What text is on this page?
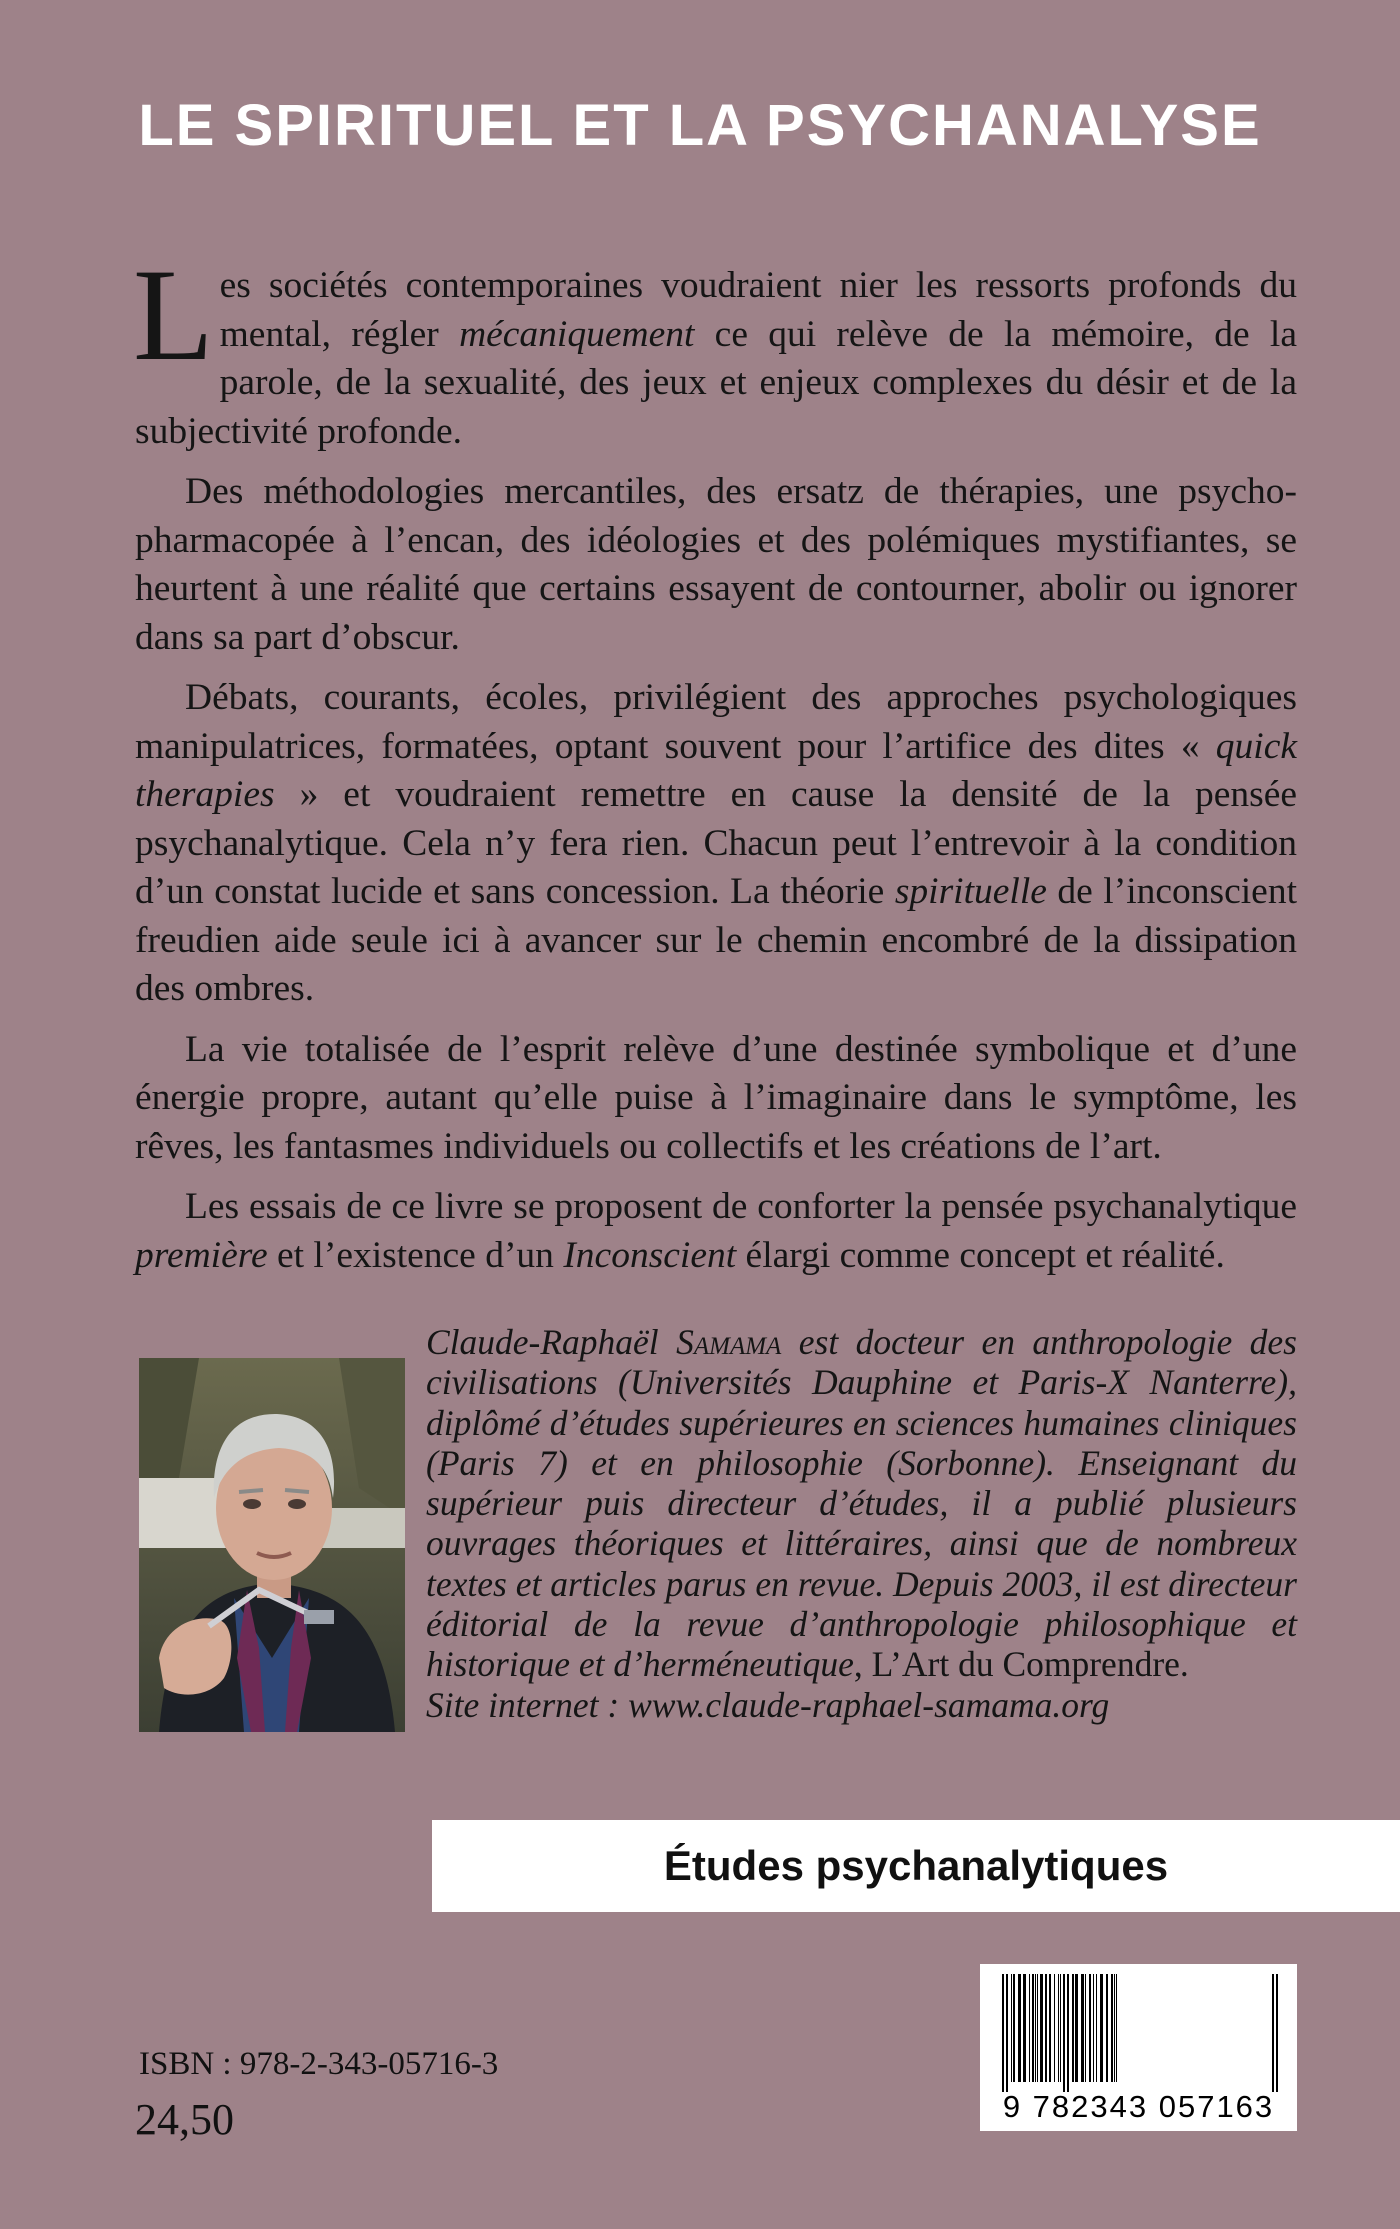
LE SPIRITUEL ET LA PSYCHANALYSE

Les sociétés contemporaines voudraient nier les ressorts profonds du mental, régler mécaniquement ce qui relève de la mémoire, de la parole, de la sexualité, des jeux et enjeux complexes du désir et de la subjectivité profonde.

Des méthodologies mercantiles, des ersatz de thérapies, une psycho-pharmacopée à l’encan, des idéologies et des polémiques mystifiantes, se heurtent à une réalité que certains essayent de contourner, abolir ou ignorer dans sa part d’obscur.

Débats, courants, écoles, privilégient des approches psychologiques manipulatrices, formatées, optant souvent pour l’artifice des dites « quick therapies » et voudraient remettre en cause la densité de la pensée psychanalytique. Cela n’y fera rien. Chacun peut l’entrevoir à la condition d’un constat lucide et sans concession. La théorie spirituelle de l’inconscient freudien aide seule ici à avancer sur le chemin encombré de la dissipation des ombres.

La vie totalisée de l’esprit relève d’une destinée symbolique et d’une énergie propre, autant qu’elle puise à l’imaginaire dans le symptôme, les rêves, les fantasmes individuels ou collectifs et les créations de l’art.

Les essais de ce livre se proposent de conforter la pensée psychanalytique première et l’existence d’un Inconscient élargi comme concept et réalité.

Claude-Raphaël Samama est docteur en anthropologie des civilisations (Universités Dauphine et Paris-X Nanterre), diplômé d’études supérieures en sciences humaines cliniques (Paris 7) et en philosophie (Sorbonne). Enseignant du supérieur puis directeur d’études, il a publié plusieurs ouvrages théoriques et littéraires, ainsi que de nombreux textes et articles parus en revue. Depuis 2003, il est directeur éditorial de la revue d’anthropologie philosophique et historique et d’herméneutique, L’Art du Comprendre.
Site internet : www.claude-raphael-samama.org
Études psychanalytiques
ISBN : 978-2-343-05716-3
24,50	9 782343 057163
